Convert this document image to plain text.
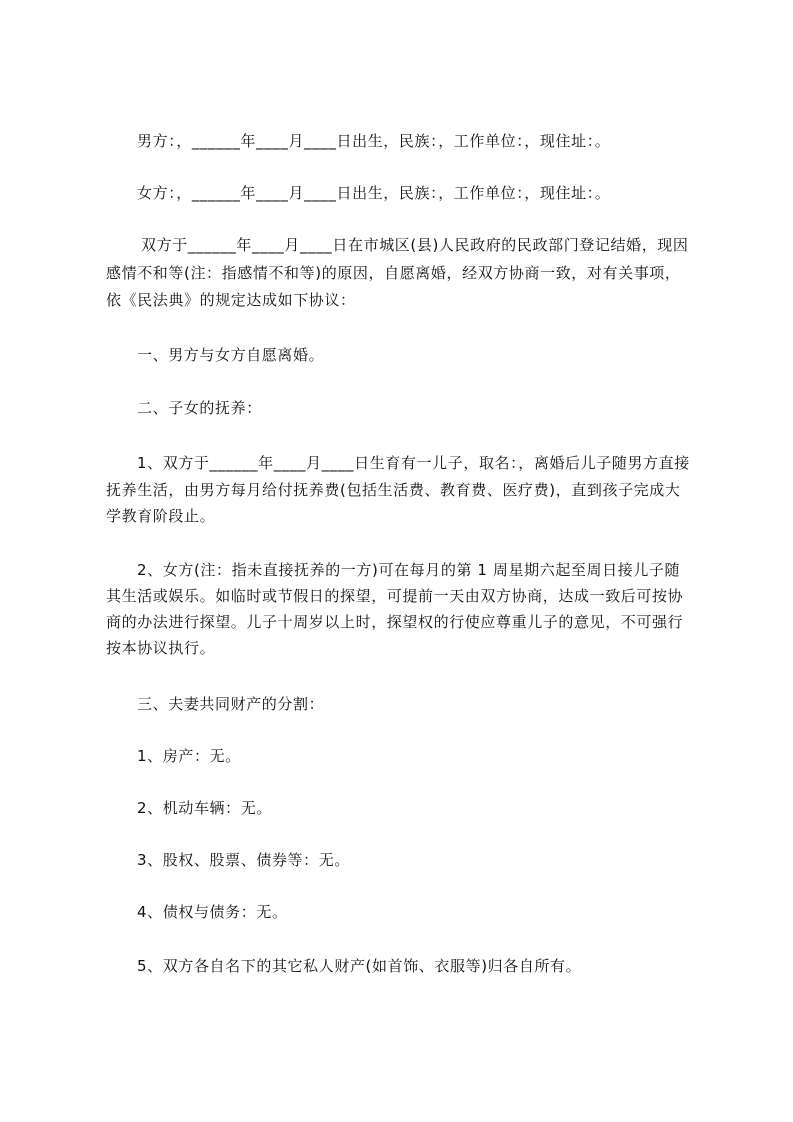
男方：，______年____月____日出生，民族：，工作单位：，现住址：。
女方：，______年____月____日出生，民族：，工作单位：，现住址：。
双方于______年____月____日在市城区(县)人民政府的民政部门登记结婚，现因
感情不和等(注：指感情不和等)的原因，自愿离婚，经双方协商一致，对有关事项，
依《民法典》的规定达成如下协议：
一、男方与女方自愿离婚。
二、子女的抚养：
1、双方于______年____月____日生育有一儿子，取名：，离婚后儿子随男方直接
抚养生活，由男方每月给付抚养费(包括生活费、教育费、医疗费)，直到孩子完成大
学教育阶段止。
2、女方(注：指未直接抚养的一方)可在每月的第 1 周星期六起至周日接儿子随
其生活或娱乐。如临时或节假日的探望，可提前一天由双方协商，达成一致后可按协
商的办法进行探望。儿子十周岁以上时，探望权的行使应尊重儿子的意见，不可强行
按本协议执行。
三、夫妻共同财产的分割：
1、房产：无。
2、机动车辆：无。
3、股权、股票、债券等：无。
4、债权与债务：无。
5、双方各自名下的其它私人财产(如首饰、衣服等)归各自所有。
